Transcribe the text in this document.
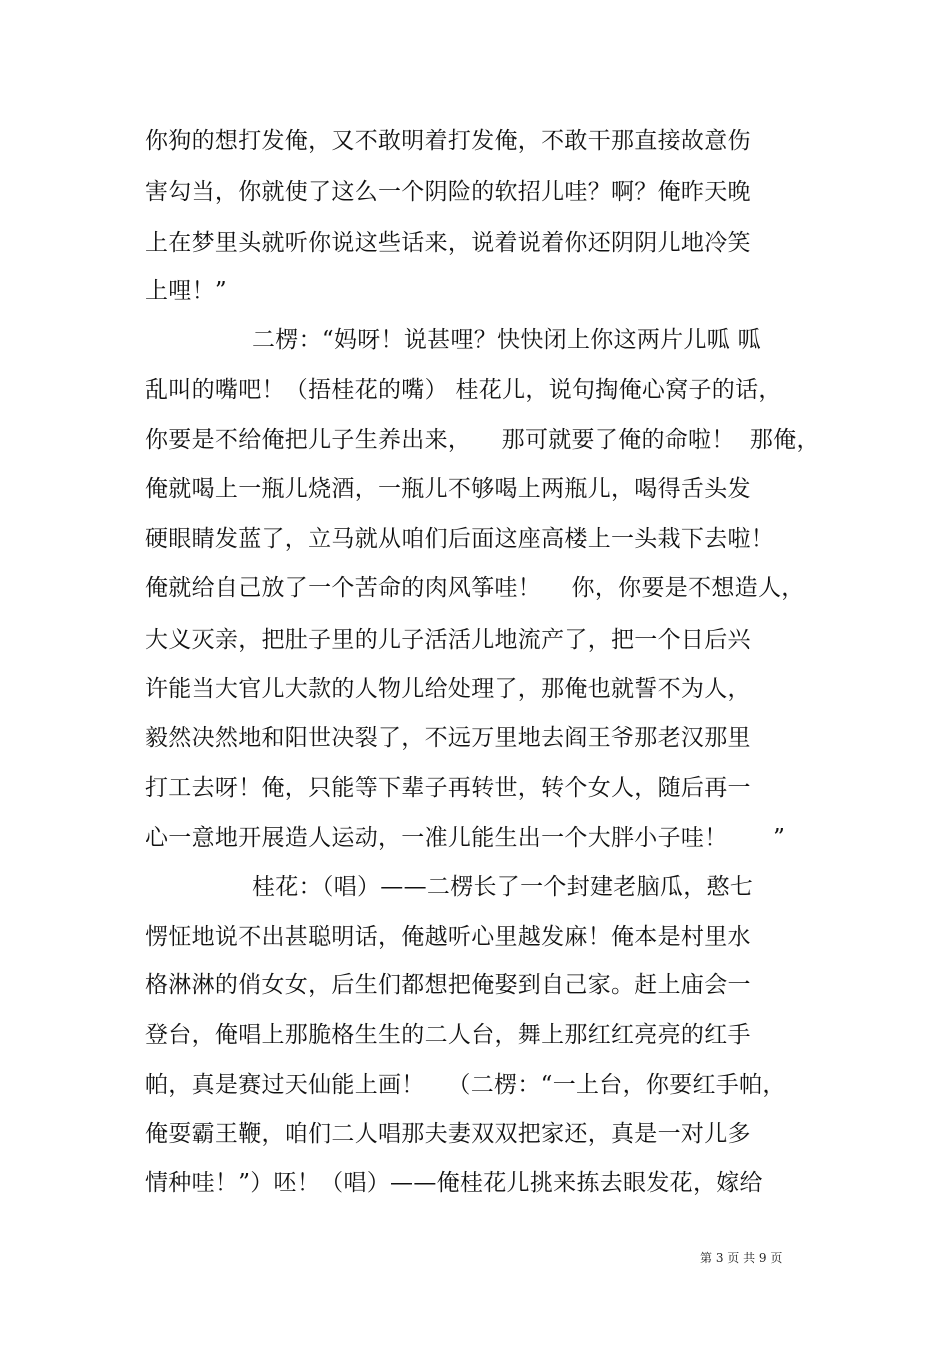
你狗的想打发俺，又不敢明着打发俺，不敢干那直接故意伤
害勾当，你就使了这么一个阴险的软招儿哇？啊？俺昨天晚
上在梦里头就听你说这些话来，说着说着你还阴阴儿地冷笑
上哩！”
二楞：“妈呀！说甚哩？快快闭上你这两片儿呱 呱
乱叫的嘴吧！（捂桂花的嘴） 桂花儿，说句掏俺心窝子的话，
你要是不给俺把儿子生养出来，    那可就要了俺的命啦！  那俺，
俺就喝上一瓶儿烧酒，一瓶儿不够喝上两瓶儿，喝得舌头发
硬眼睛发蓝了，立马就从咱们后面这座高楼上一头栽下去啦！
俺就给自己放了一个苦命的肉风筝哇！    你，你要是不想造人，
大义灭亲，把肚子里的儿子活活儿地流产了，把一个日后兴
许能当大官儿大款的人物儿给处理了，那俺也就誓不为人，
毅然决然地和阳世决裂了，不远万里地去阎王爷那老汉那里
打工去呀！俺，只能等下辈子再转世，转个女人，随后再一
心一意地开展造人运动，一准儿能生出一个大胖小子哇！      ”
桂花：（唱）——二楞长了一个封建老脑瓜，憨七
愣怔地说不出甚聪明话，俺越听心里越发麻！俺本是村里水
格淋淋的俏女女，后生们都想把俺娶到自己家。赶上庙会一
登台，俺唱上那脆格生生的二人台，舞上那红红亮亮的红手
帕，真是赛过天仙能上画！   （二楞：“一上台，你要红手帕，
俺耍霸王鞭，咱们二人唱那夫妻双双把家还，真是一对儿多
情种哇！”）呸！（唱）——俺桂花儿挑来拣去眼发花，嫁给
第 3 页 共 9 页
